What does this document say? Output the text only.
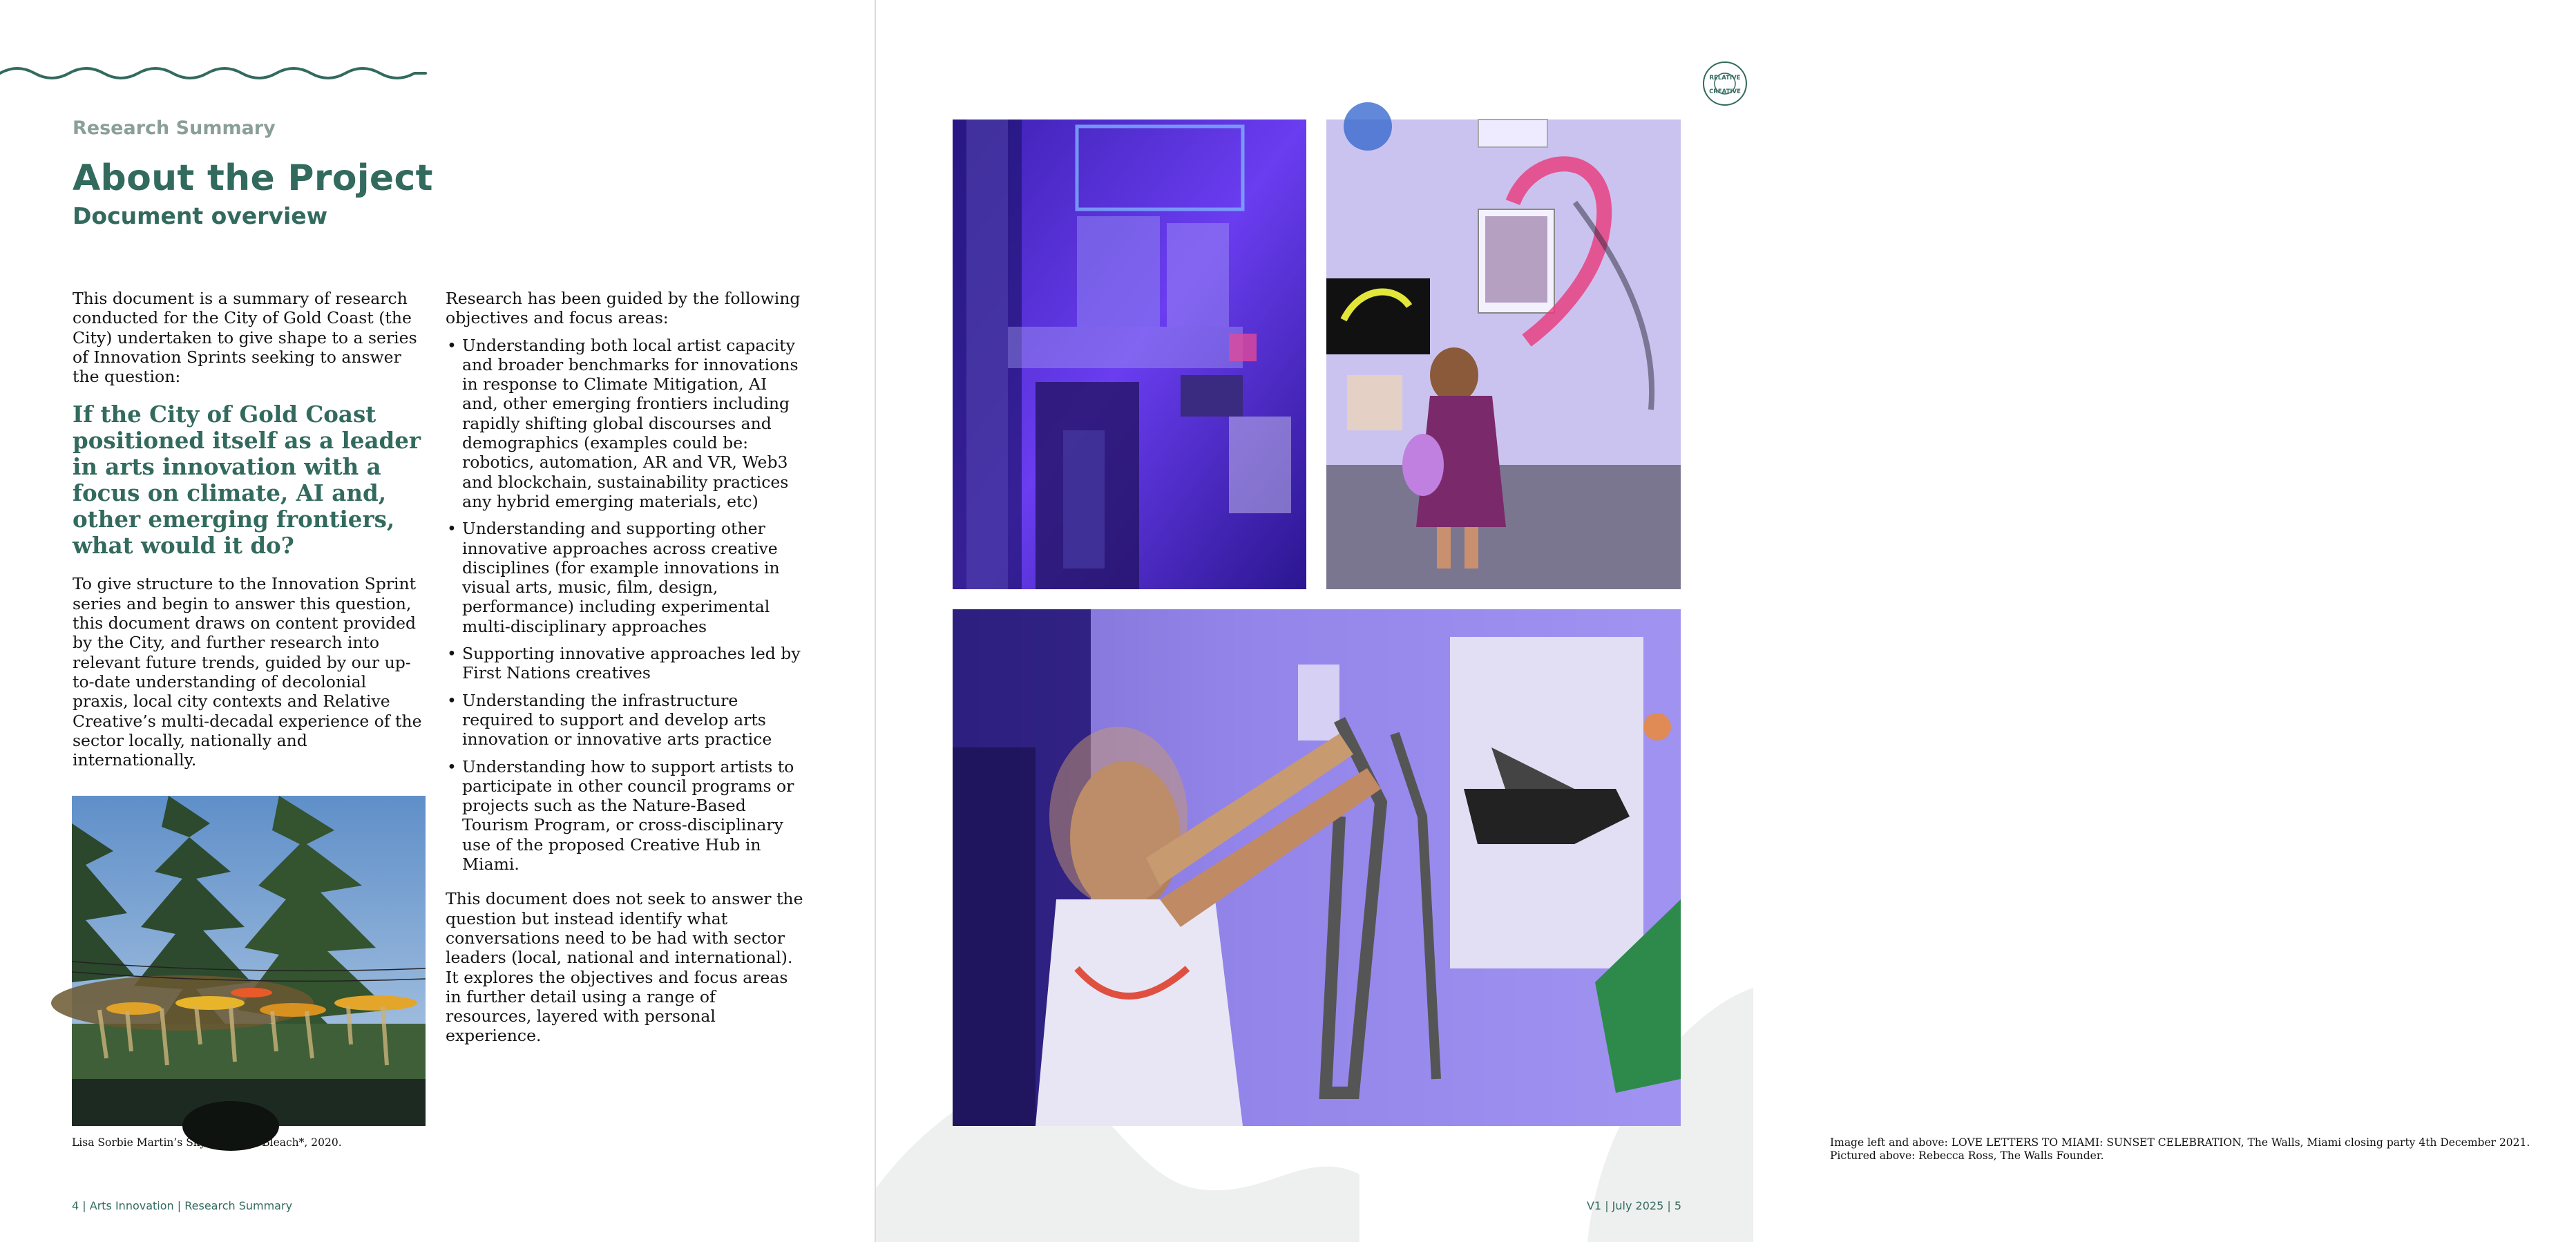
Research Summary
About the Project
Document overview

This document is a summary of research conducted for the City of Gold Coast (the City) undertaken to give shape to a series of Innovation Sprints seeking to answer the question:

If the City of Gold Coast positioned itself as a leader in arts innovation with a focus on climate, AI and, other emerging frontiers, what would it do?

To give structure to the Innovation Sprint series and begin to answer this question, this document draws on content provided by the City, and further research into relevant future trends, guided by our up-to-date understanding of decolonial praxis, local city contexts and Relative Creative’s multi-decadal experience of the sector locally, nationally and internationally.

Research has been guided by the following objectives and focus areas:

• Understanding both local artist capacity and broader benchmarks for innovations in response to Climate Mitigation, AI and, other emerging frontiers including rapidly shifting global discourses and demographics (examples could be: robotics, automation, AR and VR, Web3 and blockchain, sustainability practices any hybrid emerging materials, etc)
• Understanding and supporting other innovative approaches across creative disciplines (for example innovations in visual arts, music, film, design, performance) including experimental multi-disciplinary approaches
• Supporting innovative approaches led by First Nations creatives
• Understanding the infrastructure required to support and develop arts innovation or innovative arts practice
• Understanding how to support artists to participate in other council programs or projects such as the Nature-Based Tourism Program, or cross-disciplinary use of the proposed Creative Hub in Miami.

This document does not seek to answer the question but instead identify what conversations need to be had with sector leaders (local, national and international). It explores the objectives and focus areas in further detail using a range of resources, layered with personal experience.

Lisa Sorbie Martin’s Sky Weave at Bleach*, 2020.

4 | Arts Innovation | Research Summary

RELATIVE
CREATIVE

Image left and above: LOVE LETTERS TO MIAMI: SUNSET CELEBRATION, The Walls, Miami closing party 4th December 2021. Pictured above: Rebecca Ross, The Walls Founder.

V1 | July 2025 | 5
